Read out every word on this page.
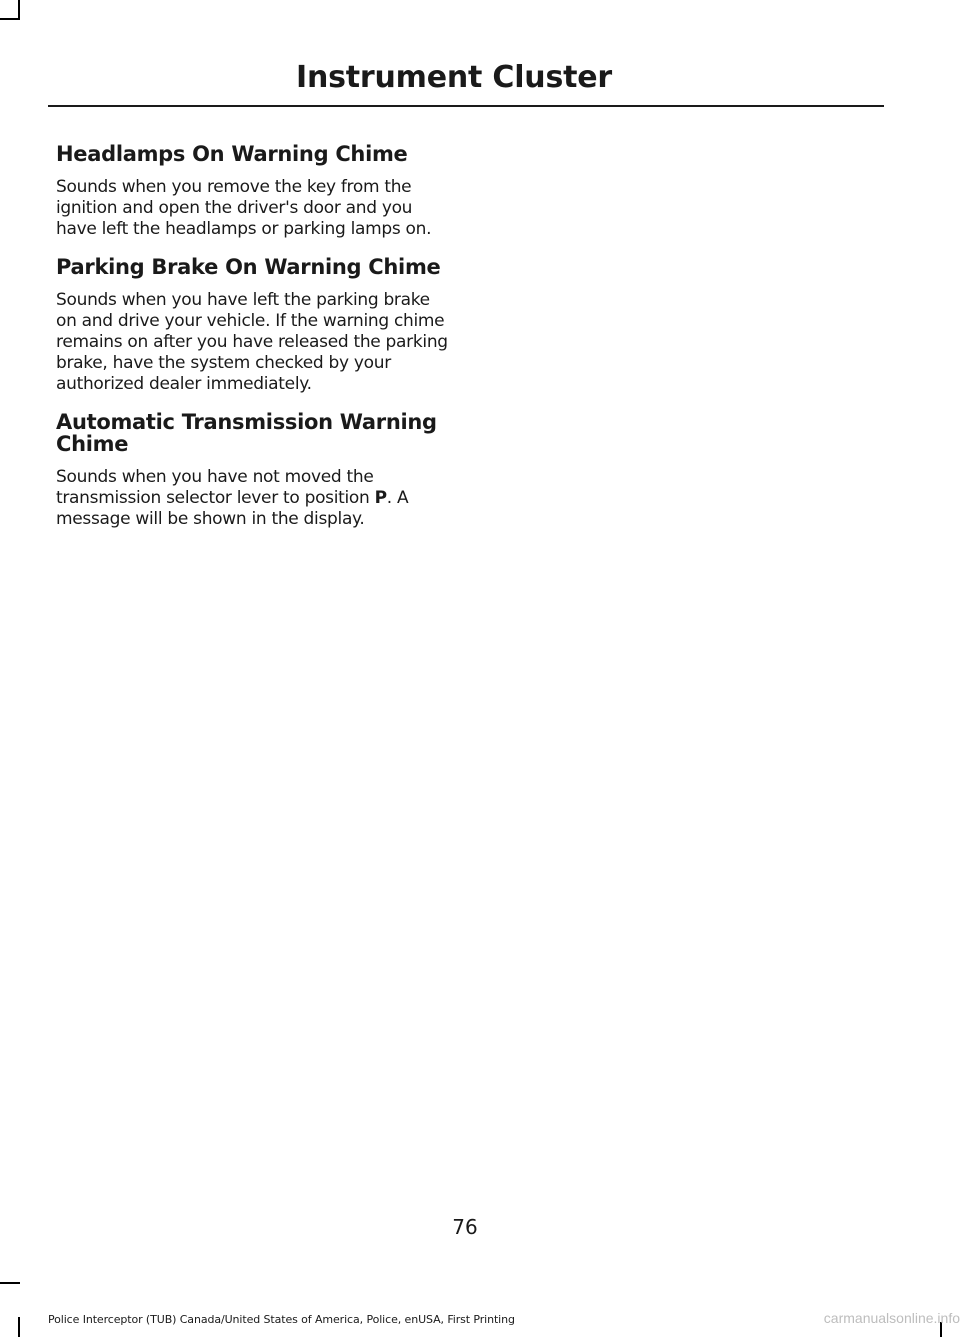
Instrument Cluster
Headlamps On Warning Chime

Sounds when you remove the key from the ignition and open the driver's door and you have left the headlamps or parking lamps on.

Parking Brake On Warning Chime

Sounds when you have left the parking brake on and drive your vehicle. If the warning chime remains on after you have released the parking brake, have the system checked by your authorized dealer immediately.

Automatic Transmission Warning Chime

Sounds when you have not moved the transmission selector lever to position P. A message will be shown in the display.

76
Police Interceptor (TUB) Canada/United States of America, Police, enUSA, First Printing	carmanualsonline.info
